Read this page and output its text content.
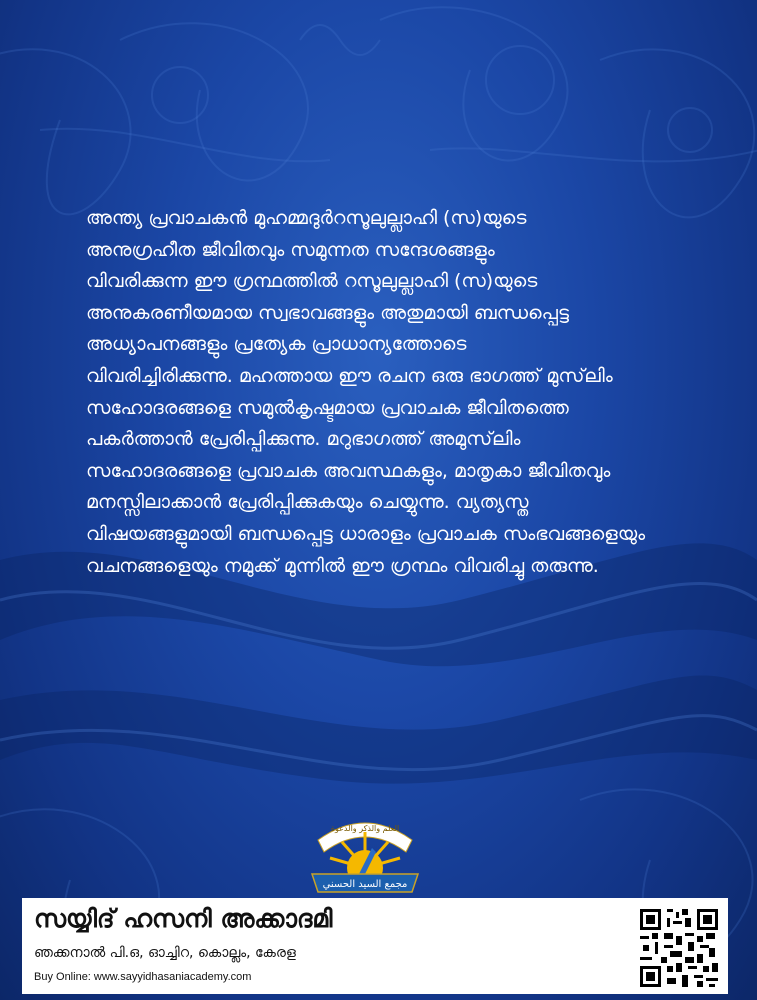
അന്ത്യ പ്രവാചകൻ മുഹമ്മദുർറസൂലുല്ലാഹി (സ)യുടെ
അനുഗ്രഹീത ജീവിതവും സമുന്നത സന്ദേശങ്ങളും
വിവരിക്കുന്ന ഈ ഗ്രന്ഥത്തിൽ റസൂലുല്ലാഹി (സ)യുടെ
അനുകരണീയമായ സ്വഭാവങ്ങളും അതുമായി ബന്ധപ്പെട്ട
അധ്യാപനങ്ങളും പ്രത്യേക പ്രാധാന്യത്തോടെ
വിവരിച്ചിരിക്കുന്നു. മഹത്തായ ഈ രചന ഒരു ഭാഗത്ത് മുസ്‌ലിം
സഹോദരങ്ങളെ സമുൽകൃഷ്ടമായ പ്രവാചക ജീവിതത്തെ
പകർത്താൻ പ്രേരിപ്പിക്കുന്നു. മറുഭാഗത്ത് അമുസ്‌ലിം
സഹോദരങ്ങളെ പ്രവാചക അവസ്ഥകളും, മാതൃകാ ജീവിതവും
മനസ്സിലാക്കാൻ പ്രേരിപ്പിക്കുകയും ചെയ്യുന്നു. വ്യത്യസ്ത
വിഷയങ്ങളുമായി ബന്ധപ്പെട്ട ധാരാളം പ്രവാചക സംഭവങ്ങളെയും
വചനങ്ങളെയും നമുക്ക് മുന്നിൽ ഈ ഗ്രന്ഥം വിവരിച്ചു തരുന്നു.
العلم والذكر والدعوة
مجمع السيد الحسني
സയ്യിദ് ഹസനി അക്കാദമി
ഞക്കനാൽ പി.ഒ, ഓച്ചിറ, കൊല്ലം, കേരള
Buy Online: www.sayyidhasaniacademy.com
